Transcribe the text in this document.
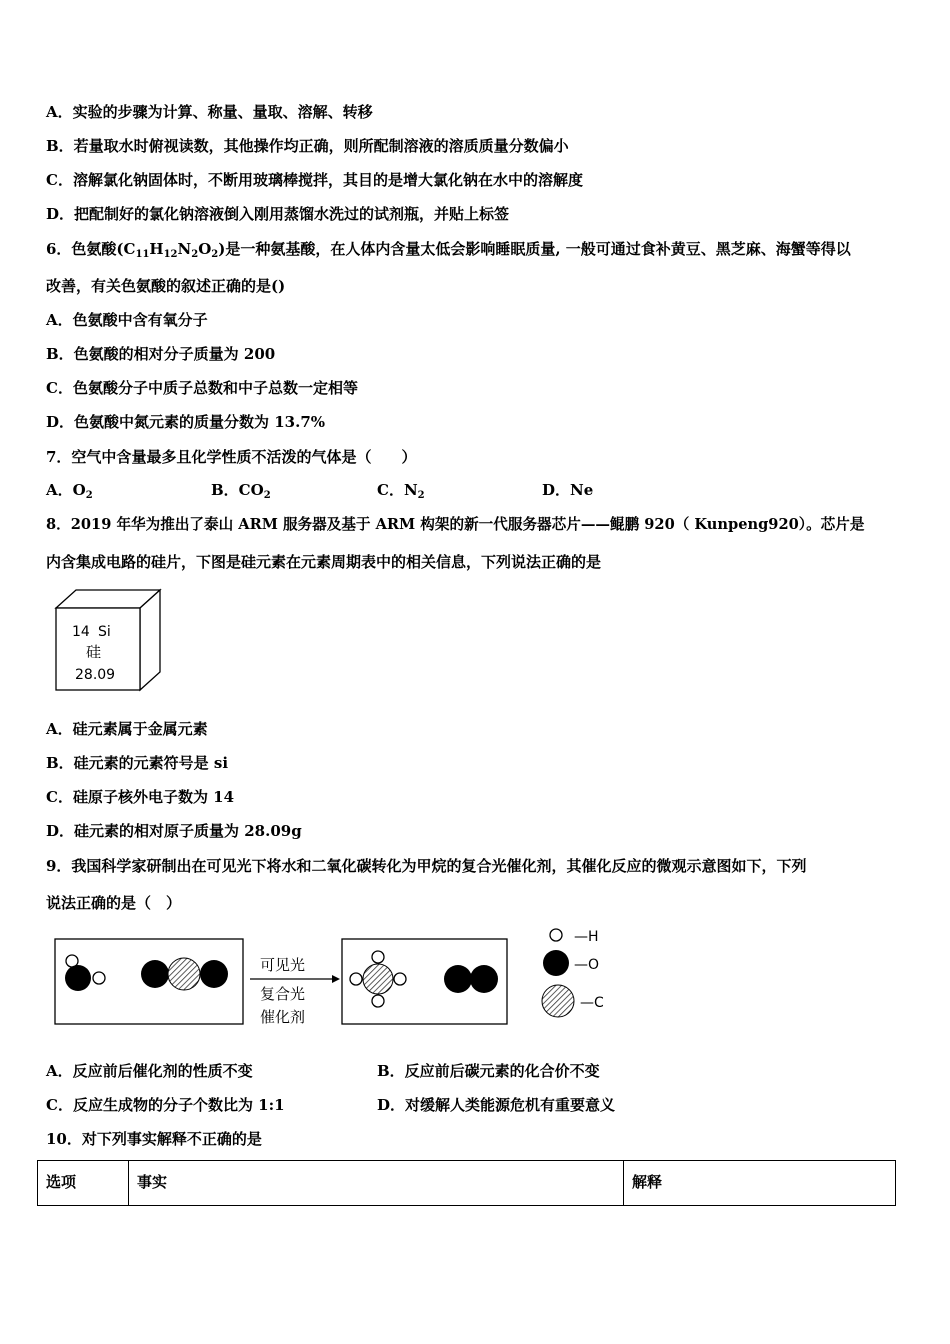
A．实验的步骤为计算、称量、量取、溶解、转移
B．若量取水时俯视读数，其他操作均正确，则所配制溶液的溶质质量分数偏小
C．溶解氯化钠固体时，不断用玻璃棒搅拌，其目的是增大氯化钠在水中的溶解度
D．把配制好的氯化钠溶液倒入刚用蒸馏水洗过的试剂瓶，并贴上标签
6．色氨酸$(C_{11}H_{12}N_2O_2)$是一种氨基酸，在人体内含量太低会影响睡眠质量, 一般可通过食补黄豆、黑芝麻、海蟹等得以
改善，有关色氨酸的叙述正确的是()
A．色氨酸中含有氧分子
B．色氨酸的相对分子质量为 200
C．色氨酸分子中质子总数和中子总数一定相等
D．色氨酸中氮元素的质量分数为 13.7%
7．空气中含量最多且化学性质不活泼的气体是（　　）
A．$O_2$	B．$CO_2$	C．$N_2$	D．Ne
8．2019 年华为推出了泰山 ARM 服务器及基于 ARM 构架的新一代服务器芯片——鲲鹏 920（ Kunpeng920）。芯片是
内含集成电路的硅片，下图是硅元素在元素周期表中的相关信息，下列说法正确的是
14 Si
硅
28.09
A．硅元素属于金属元素
B．硅元素的元素符号是 si
C．硅原子核外电子数为 14
D．硅元素的相对原子质量为 28.09g
9．我国科学家研制出在可见光下将水和二氧化碳转化为甲烷的复合光催化剂，其催化反应的微观示意图如下，下列
说法正确的是（　）
可见光
复合光
催化剂
—H
—O
—C
A．反应前后催化剂的性质不变	B．反应前后碳元素的化合价不变
C．反应生成物的分子个数比为 1:1	D．对缓解人类能源危机有重要意义
10．对下列事实解释不正确的是
选项	事实	解释
